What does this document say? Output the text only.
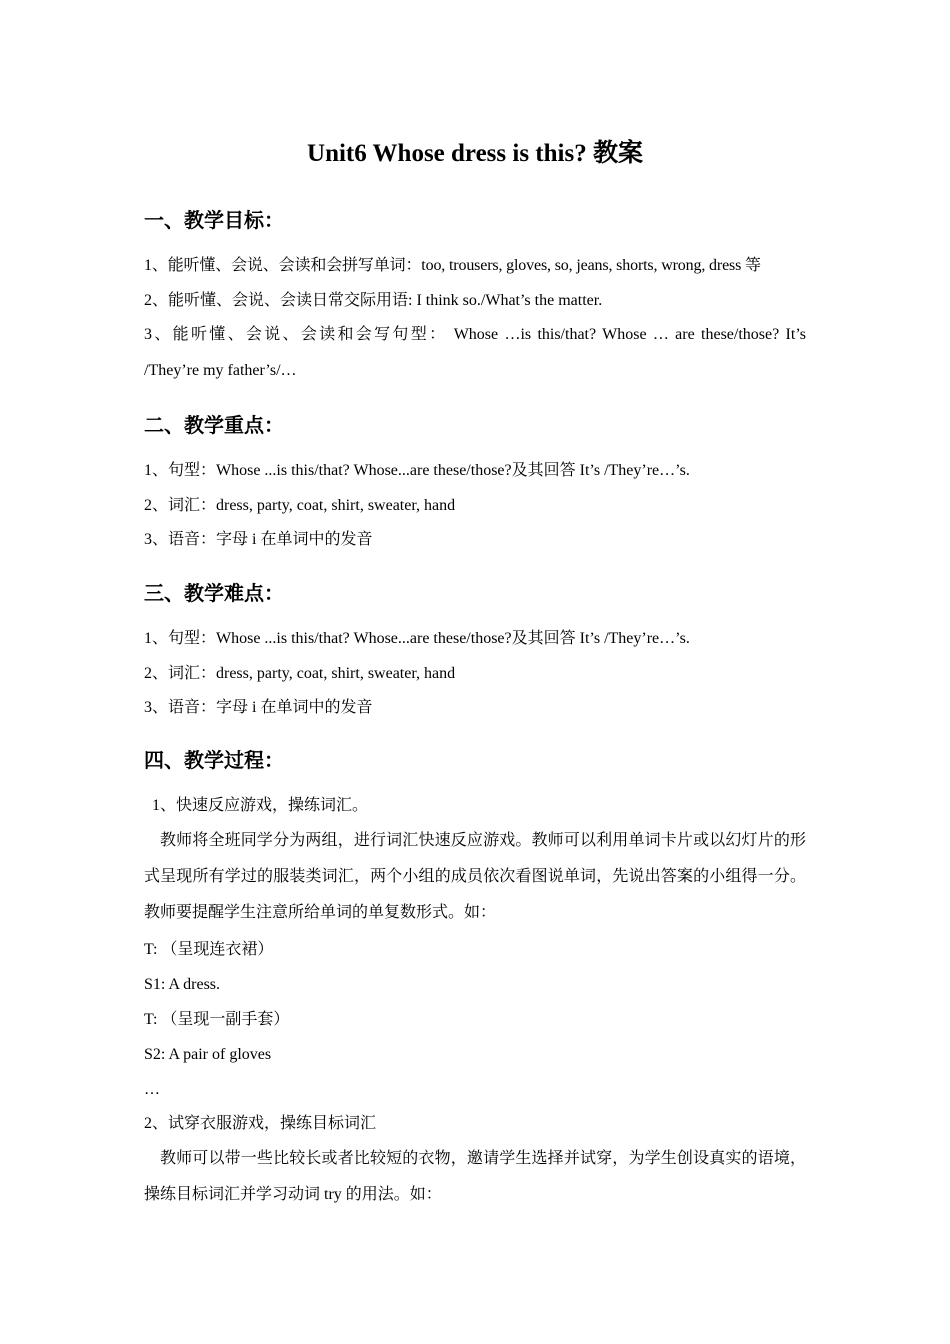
Unit6 Whose dress is this? 教案
一、教学目标：
1、能听懂、会说、会读和会拼写单词：too, trousers, gloves, so, jeans, shorts, wrong, dress 等
2、能听懂、会说、会读日常交际用语: I think so./What’s the matter.
3、能听懂、会说、会读和会写句型： Whose …is this/that? Whose … are these/those? It’s /They’re my father’s/…
二、教学重点：
1、句型：Whose ...is this/that? Whose...are these/those?及其回答 It’s /They’re…’s.
2、词汇：dress, party, coat, shirt, sweater, hand
3、语音：字母 i 在单词中的发音
三、教学难点：
1、句型：Whose ...is this/that? Whose...are these/those?及其回答 It’s /They’re…’s.
2、词汇：dress, party, coat, shirt, sweater, hand
3、语音：字母 i 在单词中的发音
四、教学过程：
1、快速反应游戏，操练词汇。
教师将全班同学分为两组，进行词汇快速反应游戏。教师可以利用单词卡片或以幻灯片的形式呈现所有学过的服装类词汇，两个小组的成员依次看图说单词，先说出答案的小组得一分。教师要提醒学生注意所给单词的单复数形式。如：
T: （呈现连衣裙）
S1: A dress.
T: （呈现一副手套）
S2: A pair of gloves
…
2、试穿衣服游戏，操练目标词汇
教师可以带一些比较长或者比较短的衣物，邀请学生选择并试穿，为学生创设真实的语境，操练目标词汇并学习动词 try 的用法。如：
